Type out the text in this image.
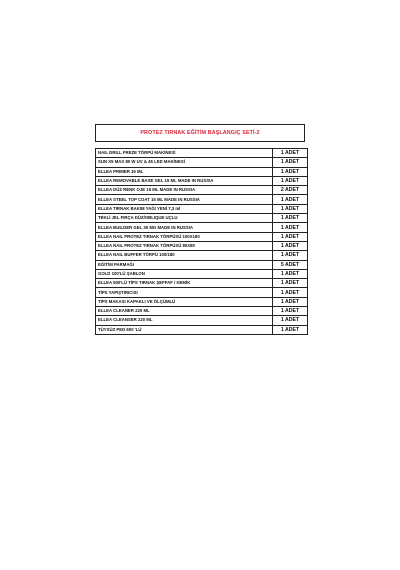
PROTEZ TIRNAK EĞİTİM BAŞLANGIÇ SETİ-2
NAIL DRILL FREZE TÖRPÜ MAKİNESİ	1 ADET
SUN X5 MAX 80 W UV & 45 LED MAKİNESİ	1 ADET
ELLEA PRIMER 15 ML	1 ADET
ELLEA REMOVABLE BASE GEL 15 ML MADE IN RUSSIA	1 ADET
ELLEA DÜZ RENK OJE 15 ML MADE IN RUSSIA	2 ADET
ELLEA STEEL TOP COAT 15 ML MADE IN RUSSIA	1 ADET
ELLEA TIRNAK BAKIM YAĞI YENİ 7,3 ml	1 ADET
TEKLİ JEL FIRÇA DÜZ/OBLIQUE UÇLU	1 ADET
ELLEA BUILDER GEL 30 MG MADE IN RUSSIA	1 ADET
ELLEA NAIL PROTEZ TIRNAK TÖRPÜSÜ 100X180	1 ADET
ELLEA NAIL PROTEZ TIRNAK TÖRPÜSÜ 80X80	1 ADET
ELLEA NAIL BUFFER TÖRPÜ 100/180	1 ADET
EĞİTİM PARMAĞI	5 ADET
GOLD 100'LÜ ŞABLON	1 ADET
ELLEA 500'LÜ TİPS TIRNAK ŞEFFAF / KEMİK	1 ADET
TİPS YAPIŞTIRICISI	1 ADET
TİPS MAKASI KAPAKLI VE ÖLÇÜMLÜ	1 ADET
ELLEA CLEANER 220 ML	1 ADET
ELLEA CLEANSER 220 ML	1 ADET
TÜYSÜZ PED 600 'LÜ	1 ADET
